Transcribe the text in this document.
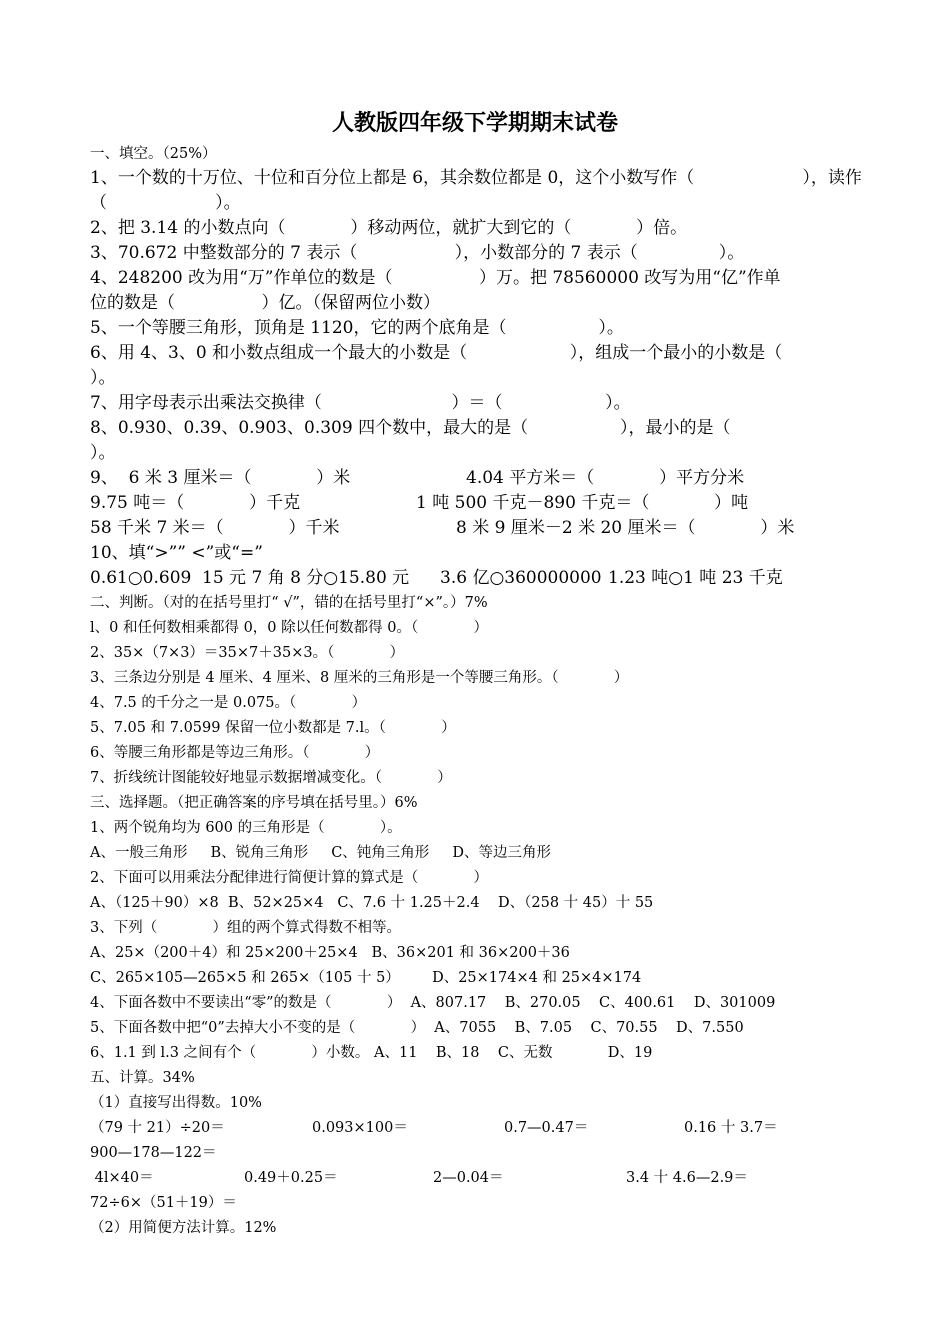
人教版四年级下学期期末试卷
一、填空。（25%）
1、一个数的十万位、十位和百分位上都是 6，其余数位都是 0，这个小数写作（                    ），读作
（                    ）。
2、把 3.14 的小数点向（            ）移动两位，就扩大到它的（            ）倍。
3、70.672 中整数部分的 7 表示（                  ），小数部分的 7 表示（               ）。
4、248200 改为用“万”作单位的数是（                ）万。把 78560000 改写为用“亿”作单
位的数是（                ）亿。（保留两位小数）
5、一个等腰三角形，顶角是 1120，它的两个底角是（                 ）。
6、用 4、3、0 和小数点组成一个最大的小数是（                   ），组成一个最小的小数是（
）。
7、用字母表示出乘法交换律（                        ）＝（                   ）。
8、0.930、0.39、0.903、0.309 四个数中，最大的是（                 ），最小的是（
）。
9、  6 米 3 厘米＝（            ）米	4.04 平方米＝（            ）平方分米
9.75 吨＝（            ）千克	1 吨 500 千克－890 千克＝（            ）吨
58 千米 7 米＝（            ）千米	8 米 9 厘米－2 米 20 厘米＝（            ）米
10、填“>”” <”或“=”
0.61○0.609 15 元 7 角 8 分○15.80 元 3.6 亿○360000000 1.23 吨○1 吨 23 千克
二、判断。（对的在括号里打“ √”，错的在括号里打“×”。）7%
l、0 和任何数相乘都得 0，0 除以任何数都得 0。（            ）
2、35×（7×3）＝35×7＋35×3。（            ）
3、三条边分别是 4 厘米、4 厘米、8 厘米的三角形是一个等腰三角形。（            ）
4、7.5 的千分之一是 0.075。（            ）
5、7.05 和 7.0599 保留一位小数都是 7.l。（            ）
6、等腰三角形都是等边三角形。（            ）
7、折线统计图能较好地显示数据增减变化。（            ）
三、选择题。（把正确答案的序号填在括号里。）6%
1、两个锐角均为 600 的三角形是（            ）。
A、一般三角形     B、锐角三角形     C、钝角三角形     D、等边三角形
2、下面可以用乘法分配律进行简便计算的算式是（            ）
A、（125＋90）×8  B、52×25×4   C、7.6 十 1.25＋2.4    D、（258 十 45）十 55
3、下列（            ）组的两个算式得数不相等。
A、25×（200＋4）和 25×200＋25×4   B、36×201 和 36×200＋36
C、265×105—265×5 和 265×（105 十 5）       D、25×174×4 和 25×4×174
4、下面各数中不要读出“零”的数是（            ）  A、807.17    B、270.05    C、400.61    D、301009
5、下面各数中把“0”去掉大小不变的是（            ）  A、7055    B、7.05    C、70.55    D、7.550
6、1.1 到 l.3 之间有个（            ）小数。 A、11    B、18    C、无数            D、19
五、计算。34%
（1）直接写出得数。10%
（79 十 21）÷20＝	0.093×100＝	0.7—0.47＝	0.16 十 3.7＝
900—178—122＝
4l×40＝	0.49＋0.25＝	2—0.04＝	3.4 十 4.6—2.9＝
72÷6×（51＋19）＝
（2）用简便方法计算。12%
